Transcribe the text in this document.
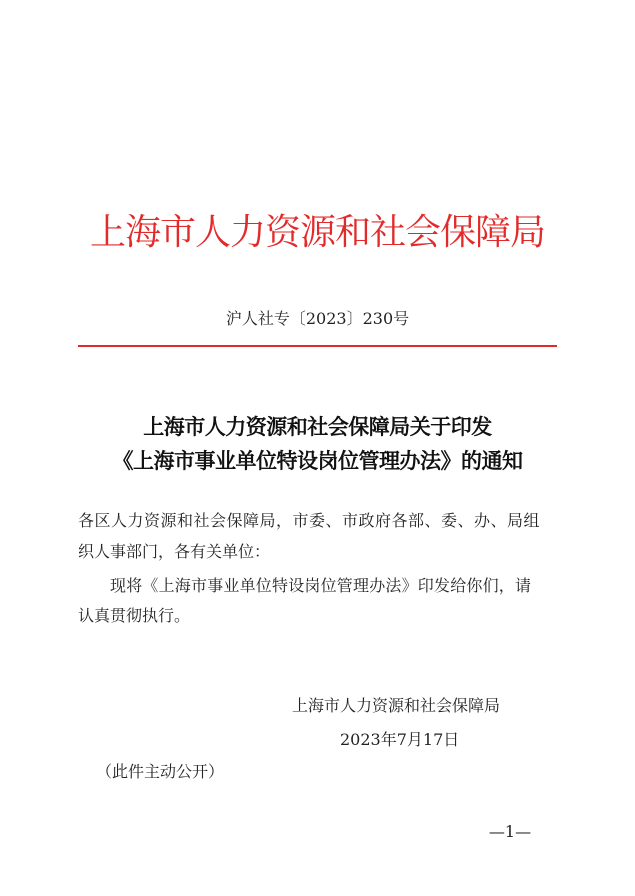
上海市人力资源和社会保障局
沪人社专〔2023〕230号
上海市人力资源和社会保障局关于印发
《上海市事业单位特设岗位管理办法》的通知
各区人力资源和社会保障局，市委、市政府各部、委、办、局组
织人事部门，各有关单位：
现将《上海市事业单位特设岗位管理办法》印发给你们，请
认真贯彻执行。
上海市人力资源和社会保障局
2023年7月17日
（此件主动公开）
—1—
